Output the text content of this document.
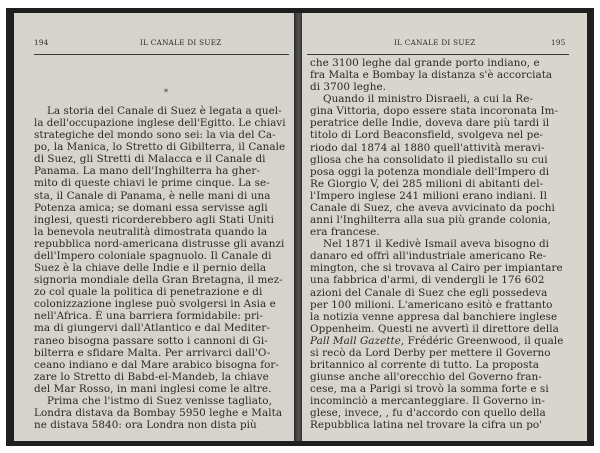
194	IL CANALE DI SUEZ
*
La storia del Canale di Suez è legata a quel-
la dell'occupazione inglese dell'Egitto. Le chiavi
strategiche del mondo sono sei: la via del Ca-
po, la Manica, lo Stretto di Gibilterra, il Canale
di Suez, gli Stretti di Malacca e il Canale di
Panama. La mano dell'Inghilterra ha gher-
mito di queste chiavi le prime cinque. La se-
sta, il Canale di Panama, è nelle mani di una
Potenza amica; se domani essa servisse agli
inglesi, questi ricorderebbero agli Stati Uniti
la benevola neutralità dimostrata quando la
repubblica nord-americana distrusse gli avanzi
dell'Impero coloniale spagnuolo. Il Canale di
Suez è la chiave delle Indie e il pernio della
signoria mondiale della Gran Bretagna, il mez-
zo col quale la politica di penetrazione e di
colonizzazione inglese può svolgersi in Asia e
nell'Africa. È una barriera formidabile: pri-
ma di giungervi dall'Atlantico e dal Mediter-
raneo bisogna passare sotto i cannoni di Gi-
bilterra e sfidare Malta. Per arrivarci dall'O-
ceano indiano e dal Mare arabico bisogna for-
zare lo Stretto di Babd-el-Mandeb, la chiave
del Mar Rosso, in mani inglesi come le altre.
Prima che l'istmo di Suez venisse tagliato,
Londra distava da Bombay 5950 leghe e Malta
ne distava 5840: ora Londra non dista più
IL CANALE DI SUEZ	195
che 3100 leghe dal grande porto indiano, e
fra Malta e Bombay la distanza s'è accorciata
di 3700 leghe.
Quando il ministro Disraeli, a cui la Re-
gina Vittoria, dopo essere stata incoronata Im-
peratrice delle Indie, doveva dare più tardi il
titolo di Lord Beaconsfield, svolgeva nel pe-
riodo dal 1874 al 1880 quell'attività meravi-
gliosa che ha consolidato il piedistallo su cui
posa oggi la potenza mondiale dell'Impero di
Re Giorgio V, dei 285 milioni di abitanti del-
l'Impero inglese 241 milioni erano indiani. Il
Canale di Suez, che aveva avvicinato da pochi
anni l'Inghilterra alla sua più grande colonia,
era francese.
Nel 1871 il Kedivè Ismail aveva bisogno di
danaro ed offrì all'industriale americano Re-
mington, che si trovava al Cairo per impiantare
una fabbrica d'armi, di vendergli le 176 602
azioni del Canale di Suez che egli possedeva
per 100 milioni. L'americano esitò e frattanto
la notizia venne appresa dal banchiere inglese
Oppenheim. Questi ne avvertì il direttore della
Pall Mall Gazette, Frédéric Greenwood, il quale
si recò da Lord Derby per mettere il Governo
britannico al corrente di tutto. La proposta
giunse anche all'orecchio del Governo fran-
cese, ma a Parigi si trovò la somma forte e si
incominciò a mercanteggiare. Il Governo in-
glese, invece, , fu d'accordo con quello della
Repubblica latina nel trovare la cifra un po'
